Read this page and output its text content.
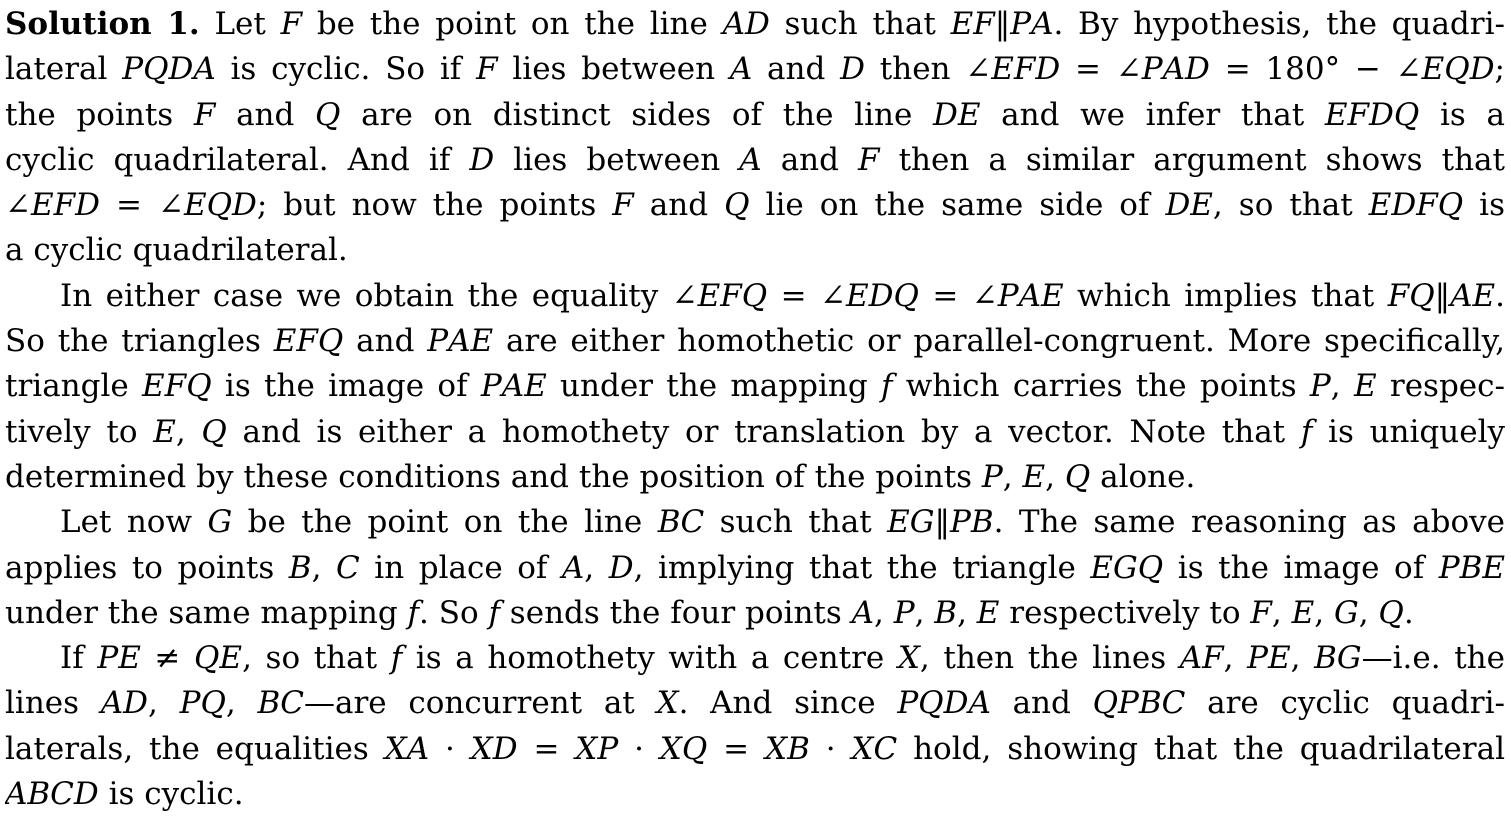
Solution 1. Let 𝐹 be the point on the line 𝐴𝐷 such that 𝐸𝐹‖𝑃𝐴. By hypothesis, the quadri-
lateral 𝑃𝑄𝐷𝐴 is cyclic. So if 𝐹 lies between 𝐴 and 𝐷 then ∠𝐸𝐹𝐷 = ∠𝑃𝐴𝐷 = 180° − ∠𝐸𝑄𝐷;
the points 𝐹 and 𝑄 are on distinct sides of the line 𝐷𝐸 and we infer that 𝐸𝐹𝐷𝑄 is a
cyclic quadrilateral. And if 𝐷 lies between 𝐴 and 𝐹 then a similar argument shows that
∠𝐸𝐹𝐷 = ∠𝐸𝑄𝐷; but now the points 𝐹 and 𝑄 lie on the same side of 𝐷𝐸, so that 𝐸𝐷𝐹𝑄 is
a cyclic quadrilateral.
In either case we obtain the equality ∠𝐸𝐹𝑄 = ∠𝐸𝐷𝑄 = ∠𝑃𝐴𝐸 which implies that 𝐹𝑄‖𝐴𝐸.
So the triangles 𝐸𝐹𝑄 and 𝑃𝐴𝐸 are either homothetic or parallel-congruent. More specifically,
triangle 𝐸𝐹𝑄 is the image of 𝑃𝐴𝐸 under the mapping 𝑓 which carries the points 𝑃, 𝐸 respec-
tively to 𝐸, 𝑄 and is either a homothety or translation by a vector. Note that 𝑓 is uniquely
determined by these conditions and the position of the points 𝑃, 𝐸, 𝑄 alone.
Let now 𝐺 be the point on the line 𝐵𝐶 such that 𝐸𝐺‖𝑃𝐵. The same reasoning as above
applies to points 𝐵, 𝐶 in place of 𝐴, 𝐷, implying that the triangle 𝐸𝐺𝑄 is the image of 𝑃𝐵𝐸
under the same mapping 𝑓. So 𝑓 sends the four points 𝐴, 𝑃, 𝐵, 𝐸 respectively to 𝐹, 𝐸, 𝐺, 𝑄.
If 𝑃𝐸 ≠ 𝑄𝐸, so that 𝑓 is a homothety with a centre 𝑋, then the lines 𝐴𝐹, 𝑃𝐸, 𝐵𝐺—i.e. the
lines 𝐴𝐷, 𝑃𝑄, 𝐵𝐶—are concurrent at 𝑋. And since 𝑃𝑄𝐷𝐴 and 𝑄𝑃𝐵𝐶 are cyclic quadri-
laterals, the equalities 𝑋𝐴 · 𝑋𝐷 = 𝑋𝑃 · 𝑋𝑄 = 𝑋𝐵 · 𝑋𝐶 hold, showing that the quadrilateral
𝐴𝐵𝐶𝐷 is cyclic.
